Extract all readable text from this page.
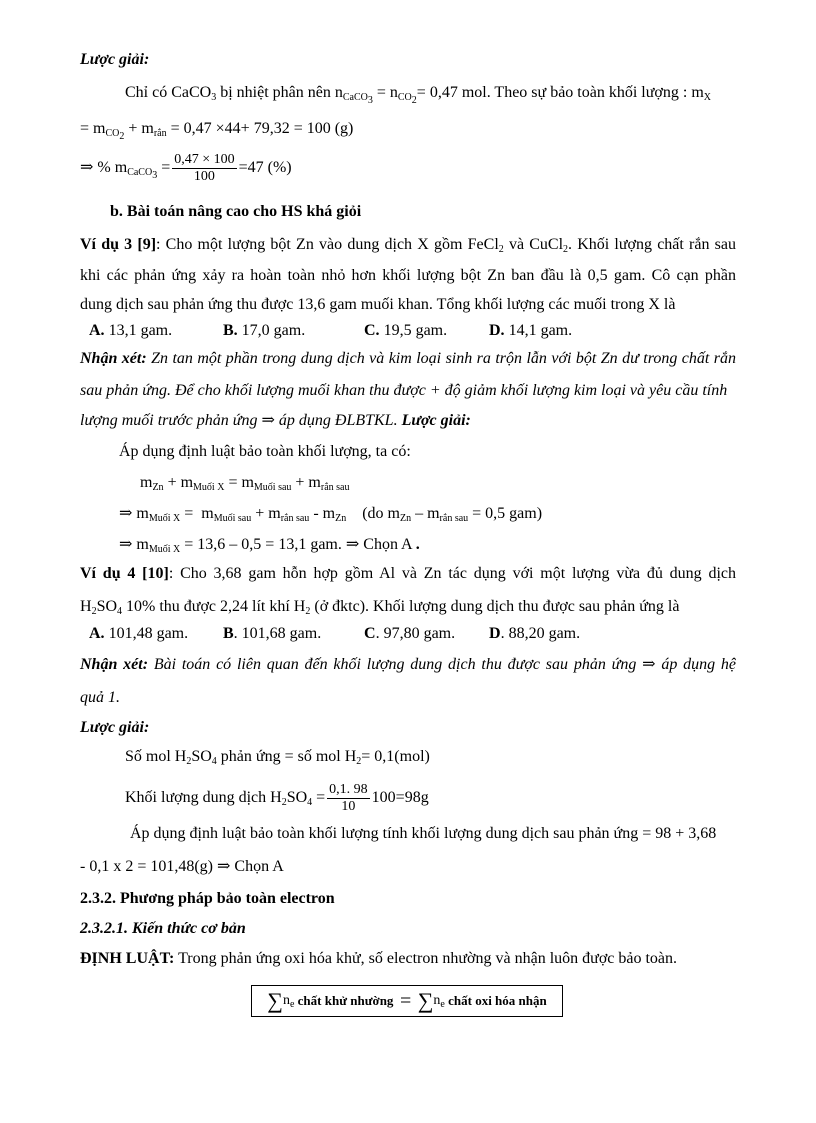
Lược giải:
Chỉ có CaCO$_3$ bị nhiệt phân nên $n_{CaCO_3} = n_{CO_2}= 0,47$ mol. Theo sự bảo toàn khối lượng : $m_X$
= $m_{CO_2} + m_{rắn} = 0,47 \times 44+ 79,32 = 100$ (g)
⇒ % $m_{CaCO_3} = \frac{0,47 \times 100}{100} =47$ (%)
b. Bài toán nâng cao cho HS khá giỏi
Ví dụ 3 [9]: Cho một lượng bột Zn vào dung dịch X gồm FeCl$_2$ và CuCl$_2$. Khối lượng chất rắn sau
khi các phản ứng xảy ra hoàn toàn nhỏ hơn khối lượng bột Zn ban đầu là 0,5 gam. Cô cạn phần
dung dịch sau phản ứng thu được 13,6 gam muối khan. Tổng khối lượng các muối trong X là
A. 13,1 gam.	B. 17,0 gam.	C. 19,5 gam.	D. 14,1 gam.
Nhận xét: Zn tan một phần trong dung dịch và kim loại sinh ra trộn lẫn với bột Zn dư trong chất rắn
sau phản ứng. Để cho khối lượng muối khan thu được + độ giảm khối lượng kim loại và yêu cầu tính
lượng muối trước phản ứng ⇒ áp dụng ĐLBTKL. Lược giải:
Áp dụng định luật bảo toàn khối lượng, ta có:
$m_{Zn} + m_{Muối X} = m_{Muối sau} + m_{rắn sau}$
⇒ $m_{Muối X} = m_{Muối sau} + m_{rắn sau} - m_{Zn}$    (do $m_{Zn} - m_{rắn sau} = 0,5$ gam)
⇒ $m_{Muối X} = 13,6 - 0,5 = 13,1$ gam. ⇒ Chọn A .
Ví dụ 4 [10]: Cho 3,68 gam hỗn hợp gồm Al và Zn tác dụng với một lượng vừa đủ dung dịch
$H_2SO_4$ 10% thu được 2,24 lít khí $H_2$ (ở đktc). Khối lượng dung dịch thu được sau phản ứng là
A. 101,48 gam. B. 101,68 gam.	C. 97,80 gam. D. 88,20 gam.
Nhận xét: Bài toán có liên quan đến khối lượng dung dịch thu được sau phản ứng ⇒ áp dụng hệ
quả 1.
Lược giải:
Số mol $H_2SO_4$ phản ứng = số mol $H_2= 0,1(mol)$
Khối lượng dung dịch $H_2SO_4 = \frac{0,1. 98}{10} 100=98g$
Áp dụng định luật bảo toàn khối lượng tính khối lượng dung dịch sau phản ứng = 98 + 3,68
- 0,1 x 2 = 101,48(g) ⇒ Chọn A
2.3.2. Phương pháp bảo toàn electron
2.3.2.1. Kiến thức cơ bản
ĐỊNH LUẬT: Trong phản ứng oxi hóa khử, số electron nhường và nhận luôn được bảo toàn.
∑ $n_e$
chất khử nhường
=
∑ $n_e$
chất oxi hóa nhận
